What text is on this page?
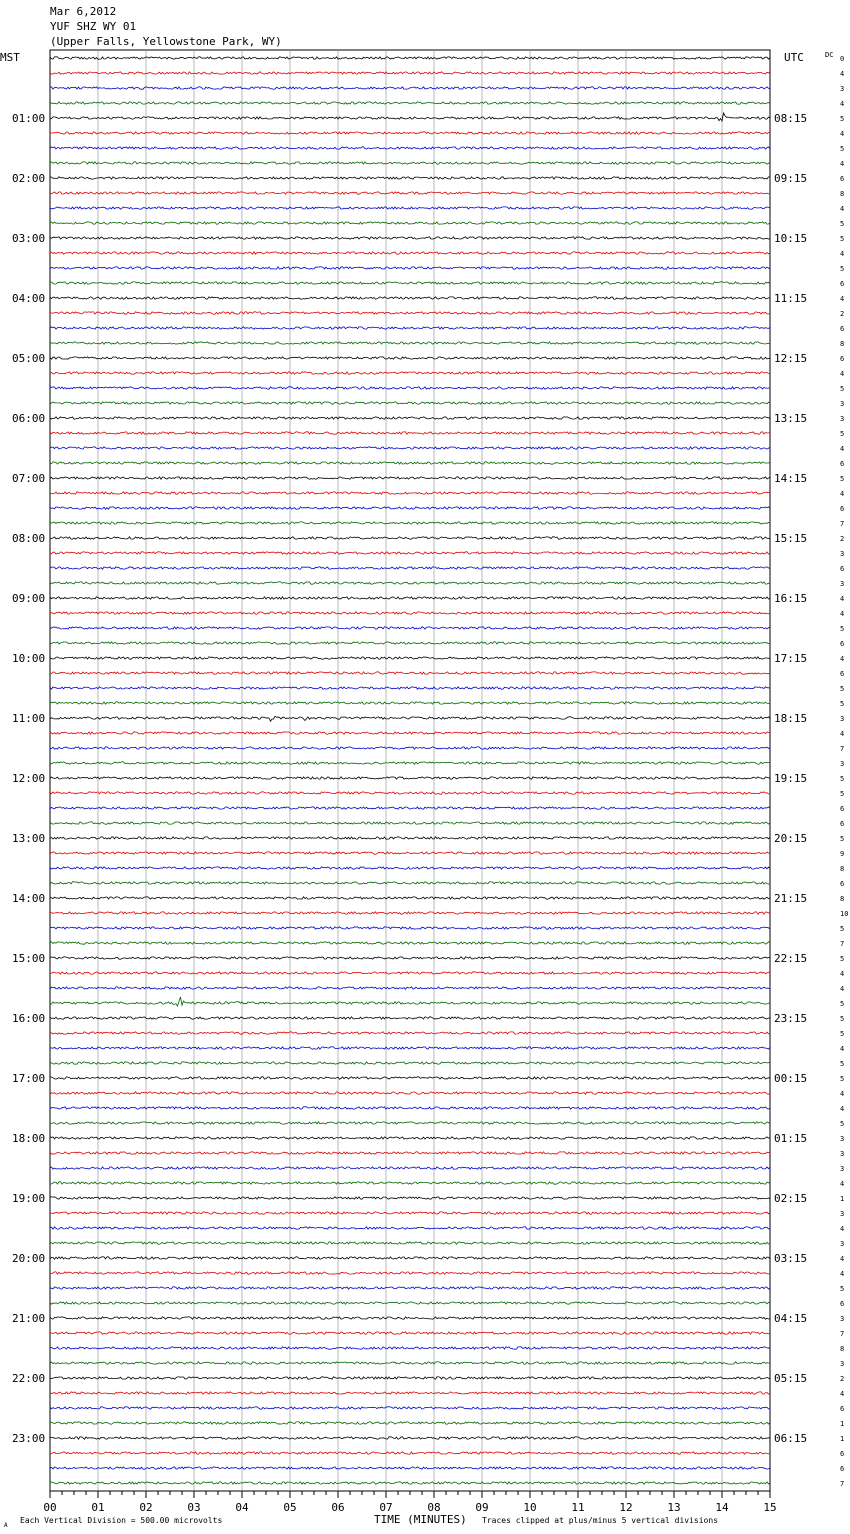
Mar 6,2012
YUF SHZ WY 01
(Upper Falls, Yellowstone Park, WY)
MST	UTC	DC
01:00
02:00
03:00
04:00
05:00
06:00
07:00
08:00
09:00
10:00
11:00
12:00
13:00
14:00
15:00
16:00
17:00
18:00
19:00
20:00
21:00
22:00
23:00
08:15
09:15
10:15
11:15
12:15
13:15
14:15
15:15
16:15
17:15
18:15
19:15
20:15
21:15
22:15
23:15
00:15
01:15
02:15
03:15
04:15
05:15
06:15
0
4
3
4
5
4
5
4
6
8
4
5
5
4
5
6
4
2
6
8
6
4
5
3
3
5
4
6
5
4
6
7
2
3
6
3
4
4
5
6
4
6
5
5
3
4
7
3
5
5
6
6
5
9
8
6
8
10
5
7
5
4
4
5
5
5
4
5
5
4
4
5
3
3
3
4
1
3
4
3
4
4
5
6
3
7
8
3
2
4
6
1
1
6
6
7
00	01	02	03	04	05	06	07	08	09	10	11	12	13	14	15
A
Each Vertical Division = 500.00 microvolts	TIME (MINUTES) Traces clipped at plus/minus 5 vertical divisions
